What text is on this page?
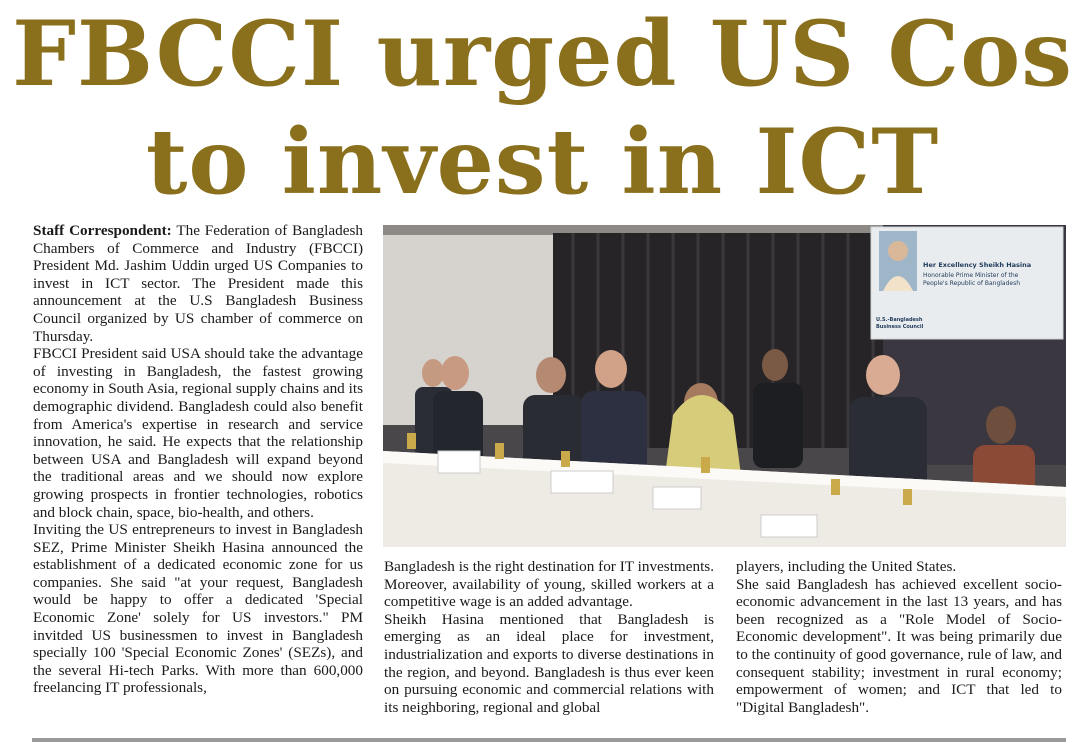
FBCCI urged US Cos
to invest in ICT

Staff Correspondent: The Federation of Bangladesh Chambers of Commerce and Industry (FBCCI) President Md. Jashim Uddin urged US Companies to invest in ICT sector. The President made this announcement at the U.S Bangladesh Business Council organized by US chamber of commerce on Thursday.

FBCCI President said USA should take the advantage of investing in Bangladesh, the fastest growing economy in South Asia, regional supply chains and its demographic dividend. Bangladesh could also benefit from America's expertise in research and service innovation, he said. He expects that the relationship between USA and Bangladesh will expand beyond the traditional areas and we should now explore growing prospects in frontier technologies, robotics and block chain, space, bio-health, and others.

Inviting the US entrepreneurs to invest in Bangladesh SEZ, Prime Minister Sheikh Hasina announced the establishment of a dedicated economic zone for us companies. She said "at your request, Bangladesh would be happy to offer a dedicated 'Special Economic Zone' solely for US investors." PM invitded US businessmen to invest in Bangladesh specially 100 'Special Economic Zones' (SEZs), and the several Hi-tech Parks. With more than 600,000 freelancing IT professionals,

Her Excellency Sheikh Hasina
Honorable Prime Minister of the
People's Republic of Bangladesh
U.S.-Bangladesh
Business Council

Bangladesh is the right destination for IT investments. Moreover, availability of young, skilled workers at a competitive wage is an added advantage.

Sheikh Hasina mentioned that Bangladesh is emerging as an ideal place for investment, industrialization and exports to diverse destinations in the region, and beyond. Bangladesh is thus ever keen on pursuing economic and commercial relations with its neighboring, regional and global

players, including the United States.

She said Bangladesh has achieved excellent socio-economic advancement in the last 13 years, and has been recognized as a "Role Model of Socio-Economic development". It was being primarily due to the continuity of good governance, rule of law, and consequent stability; investment in rural economy; empowerment of women; and ICT that led to "Digital Bangladesh".
